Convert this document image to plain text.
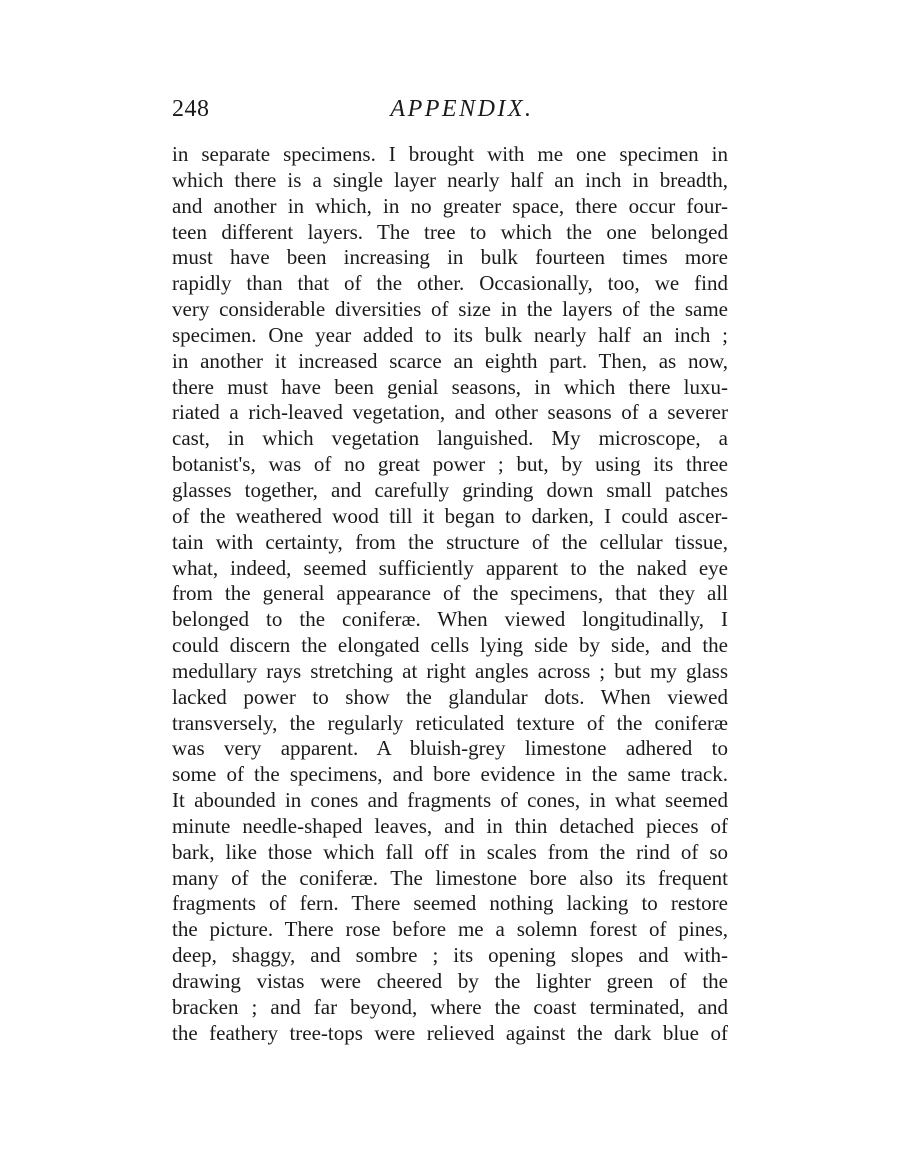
248	APPENDIX.
in separate specimens. I brought with me one specimen in
which there is a single layer nearly half an inch in breadth,
and another in which, in no greater space, there occur four-
teen different layers. The tree to which the one belonged
must have been increasing in bulk fourteen times more
rapidly than that of the other. Occasionally, too, we find
very considerable diversities of size in the layers of the same
specimen. One year added to its bulk nearly half an inch ;
in another it increased scarce an eighth part. Then, as now,
there must have been genial seasons, in which there luxu-
riated a rich-leaved vegetation, and other seasons of a severer
cast, in which vegetation languished. My microscope, a
botanist's, was of no great power ; but, by using its three
glasses together, and carefully grinding down small patches
of the weathered wood till it began to darken, I could ascer-
tain with certainty, from the structure of the cellular tissue,
what, indeed, seemed sufficiently apparent to the naked eye
from the general appearance of the specimens, that they all
belonged to the coniferæ. When viewed longitudinally, I
could discern the elongated cells lying side by side, and the
medullary rays stretching at right angles across ; but my glass
lacked power to show the glandular dots. When viewed
transversely, the regularly reticulated texture of the coniferæ
was very apparent. A bluish-grey limestone adhered to
some of the specimens, and bore evidence in the same track.
It abounded in cones and fragments of cones, in what seemed
minute needle-shaped leaves, and in thin detached pieces of
bark, like those which fall off in scales from the rind of so
many of the coniferæ. The limestone bore also its frequent
fragments of fern. There seemed nothing lacking to restore
the picture. There rose before me a solemn forest of pines,
deep, shaggy, and sombre ; its opening slopes and with-
drawing vistas were cheered by the lighter green of the
bracken ; and far beyond, where the coast terminated, and
the feathery tree-tops were relieved against the dark blue of
